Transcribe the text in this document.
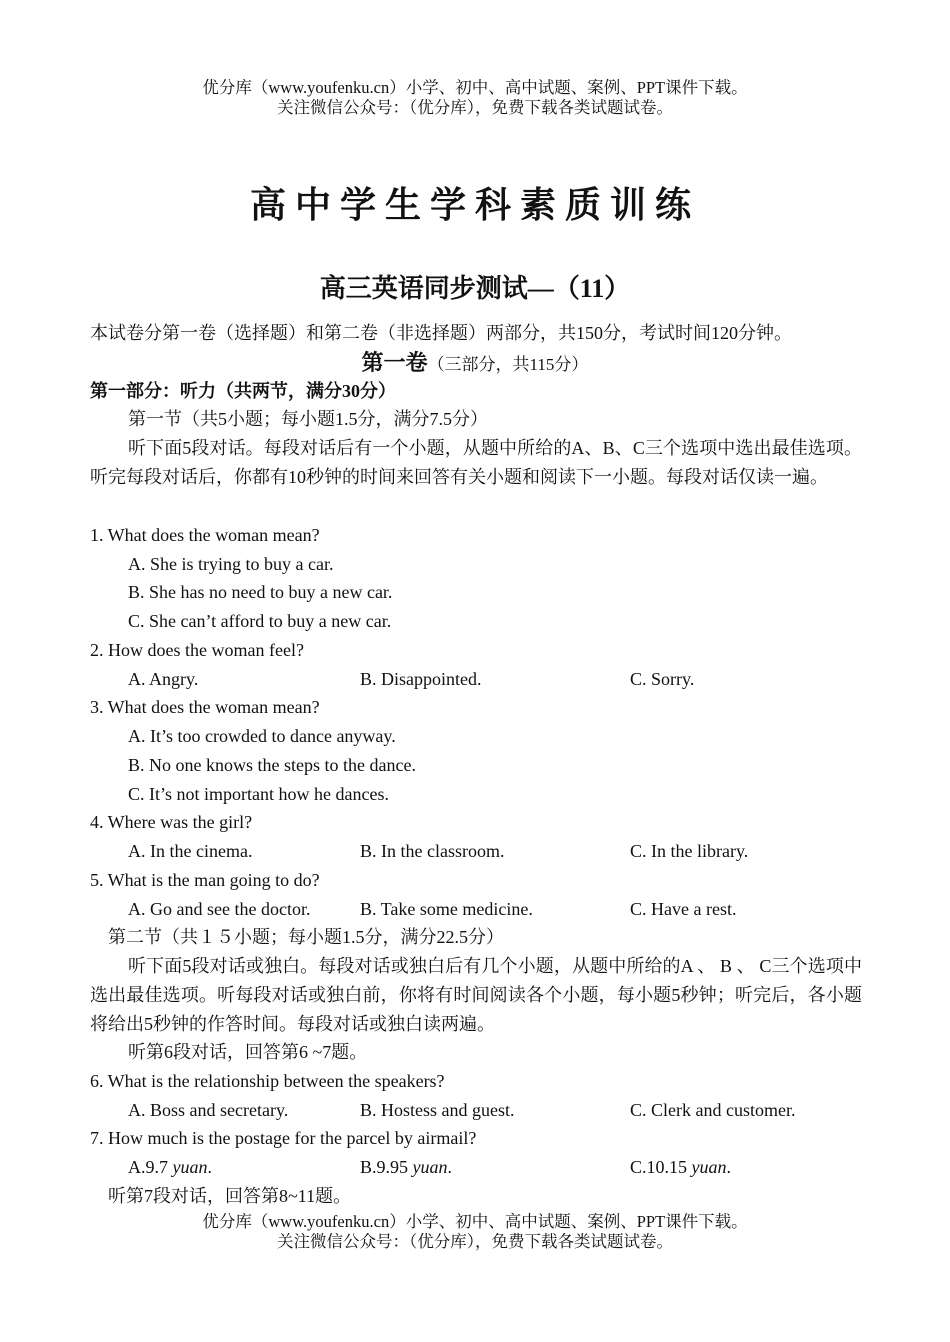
优分库（www.youfenku.cn）小学、初中、高中试题、案例、PPT课件下载。
关注微信公众号：（优分库），免费下载各类试题试卷。
高中学生学科素质训练
高三英语同步测试—（11）
本试卷分第一卷（选择题）和第二卷（非选择题）两部分，共150分，考试时间120分钟。
第一卷（三部分，共115分）
第一部分：听力（共两节，满分30分）
第一节（共5小题；每小题1.5分，满分7.5分）
听下面5段对话。每段对话后有一个小题，从题中所给的A、B、C三个选项中选出最佳选项。听完每段对话后，你都有10秒钟的时间来回答有关小题和阅读下一小题。每段对话仅读一遍。
1. What does the woman mean?
A. She is trying to buy a car.
B. She has no need to buy a new car.
C. She can’t afford to buy a new car.
2. How does the woman feel?
A. Angry.	B. Disappointed.	C. Sorry.
3. What does the woman mean?
A. It’s too crowded to dance anyway.
B. No one knows the steps to the dance.
C. It’s not important how he dances.
4. Where was the girl?
A. In the cinema.	B. In the classroom.	C. In the library.
5. What is the man going to do?
A. Go and see the doctor.	B. Take some medicine.	C. Have a rest.
第二节（共１５小题；每小题1.5分，满分22.5分）
听下面5段对话或独白。每段对话或独白后有几个小题，从题中所给的A 、 B 、 C三个选项中选出最佳选项。听每段对话或独白前，你将有时间阅读各个小题，每小题5秒钟；听完后，各小题将给出5秒钟的作答时间。每段对话或独白读两遍。
听第6段对话，回答第6 ~7题。
6. What is the relationship between the speakers?
A. Boss and secretary.	B. Hostess and guest.	C. Clerk and customer.
7. How much is the postage for the parcel by airmail?
A.9.7 yuan.	B.9.95 yuan.	C.10.15 yuan.
听第7段对话，回答第8~11题。
优分库（www.youfenku.cn）小学、初中、高中试题、案例、PPT课件下载。
关注微信公众号：（优分库），免费下载各类试题试卷。
